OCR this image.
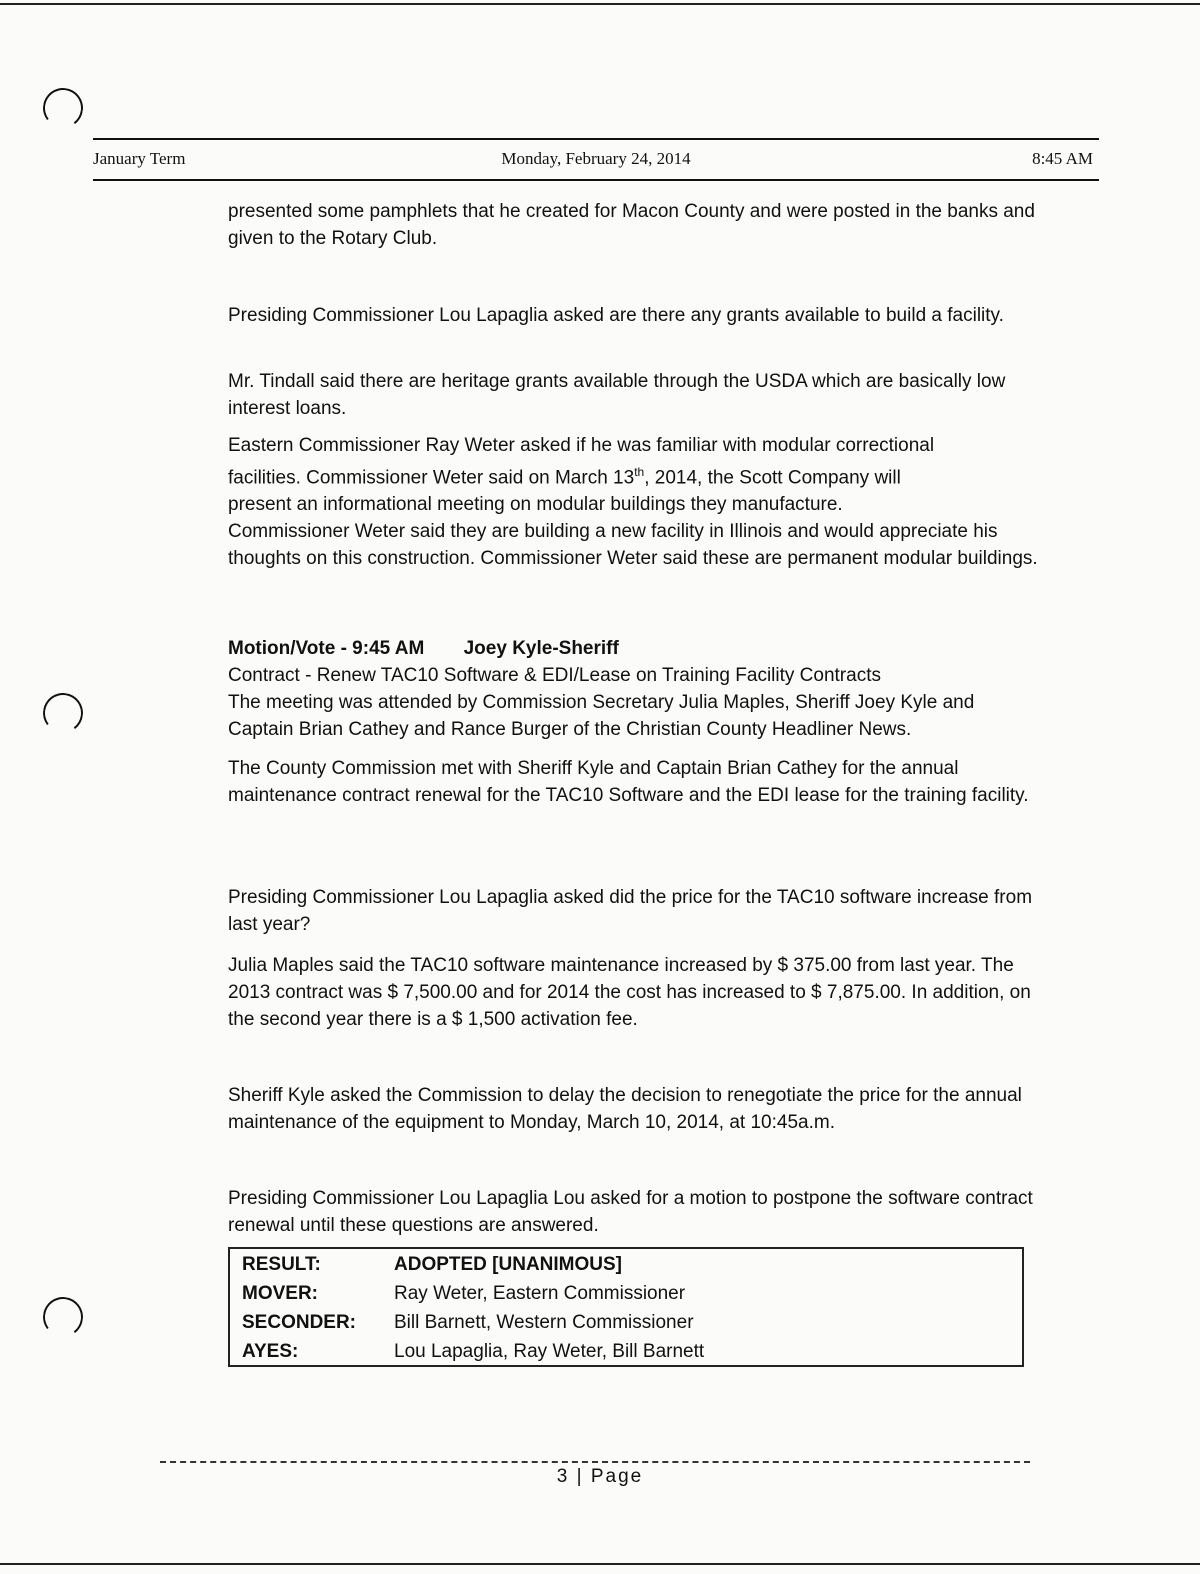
January Term	Monday, February 24, 2014	8:45 AM

presented some pamphlets that he created for Macon County and were posted in the banks and given to the Rotary Club.

Presiding Commissioner Lou Lapaglia asked are there any grants available to build a facility.

Mr. Tindall said there are heritage grants available through the USDA which are basically low interest loans.

Eastern Commissioner Ray Weter asked if he was familiar with modular correctional
facilities. Commissioner Weter said on March 13th, 2014, the Scott Company will
present an informational meeting on modular buildings they manufacture.
Commissioner Weter said they are building a new facility in Illinois and would appreciate his thoughts on this construction. Commissioner Weter said these are permanent modular buildings.
Motion/Vote - 9:45 AM Joey Kyle-Sheriff

Contract - Renew TAC10 Software & EDI/Lease on Training Facility Contracts

The meeting was attended by Commission Secretary Julia Maples, Sheriff Joey Kyle and Captain Brian Cathey and Rance Burger of the Christian County Headliner News.

The County Commission met with Sheriff Kyle and Captain Brian Cathey for the annual maintenance contract renewal for the TAC10 Software and the EDI lease for the training facility.

Presiding Commissioner Lou Lapaglia asked did the price for the TAC10 software increase from last year?

Julia Maples said the TAC10 software maintenance increased by $ 375.00 from last year. The 2013 contract was $ 7,500.00 and for 2014 the cost has increased to $ 7,875.00. In addition, on the second year there is a $ 1,500 activation fee.

Sheriff Kyle asked the Commission to delay the decision to renegotiate the price for the annual maintenance of the equipment to Monday, March 10, 2014, at 10:45a.m.

Presiding Commissioner Lou Lapaglia Lou asked for a motion to postpone the software contract renewal until these questions are answered.

RESULT:	ADOPTED [UNANIMOUS]
MOVER:	Ray Weter, Eastern Commissioner
SECONDER: Bill Barnett, Western Commissioner
AYES:	Lou Lapaglia, Ray Weter, Bill Barnett
3 | Page
